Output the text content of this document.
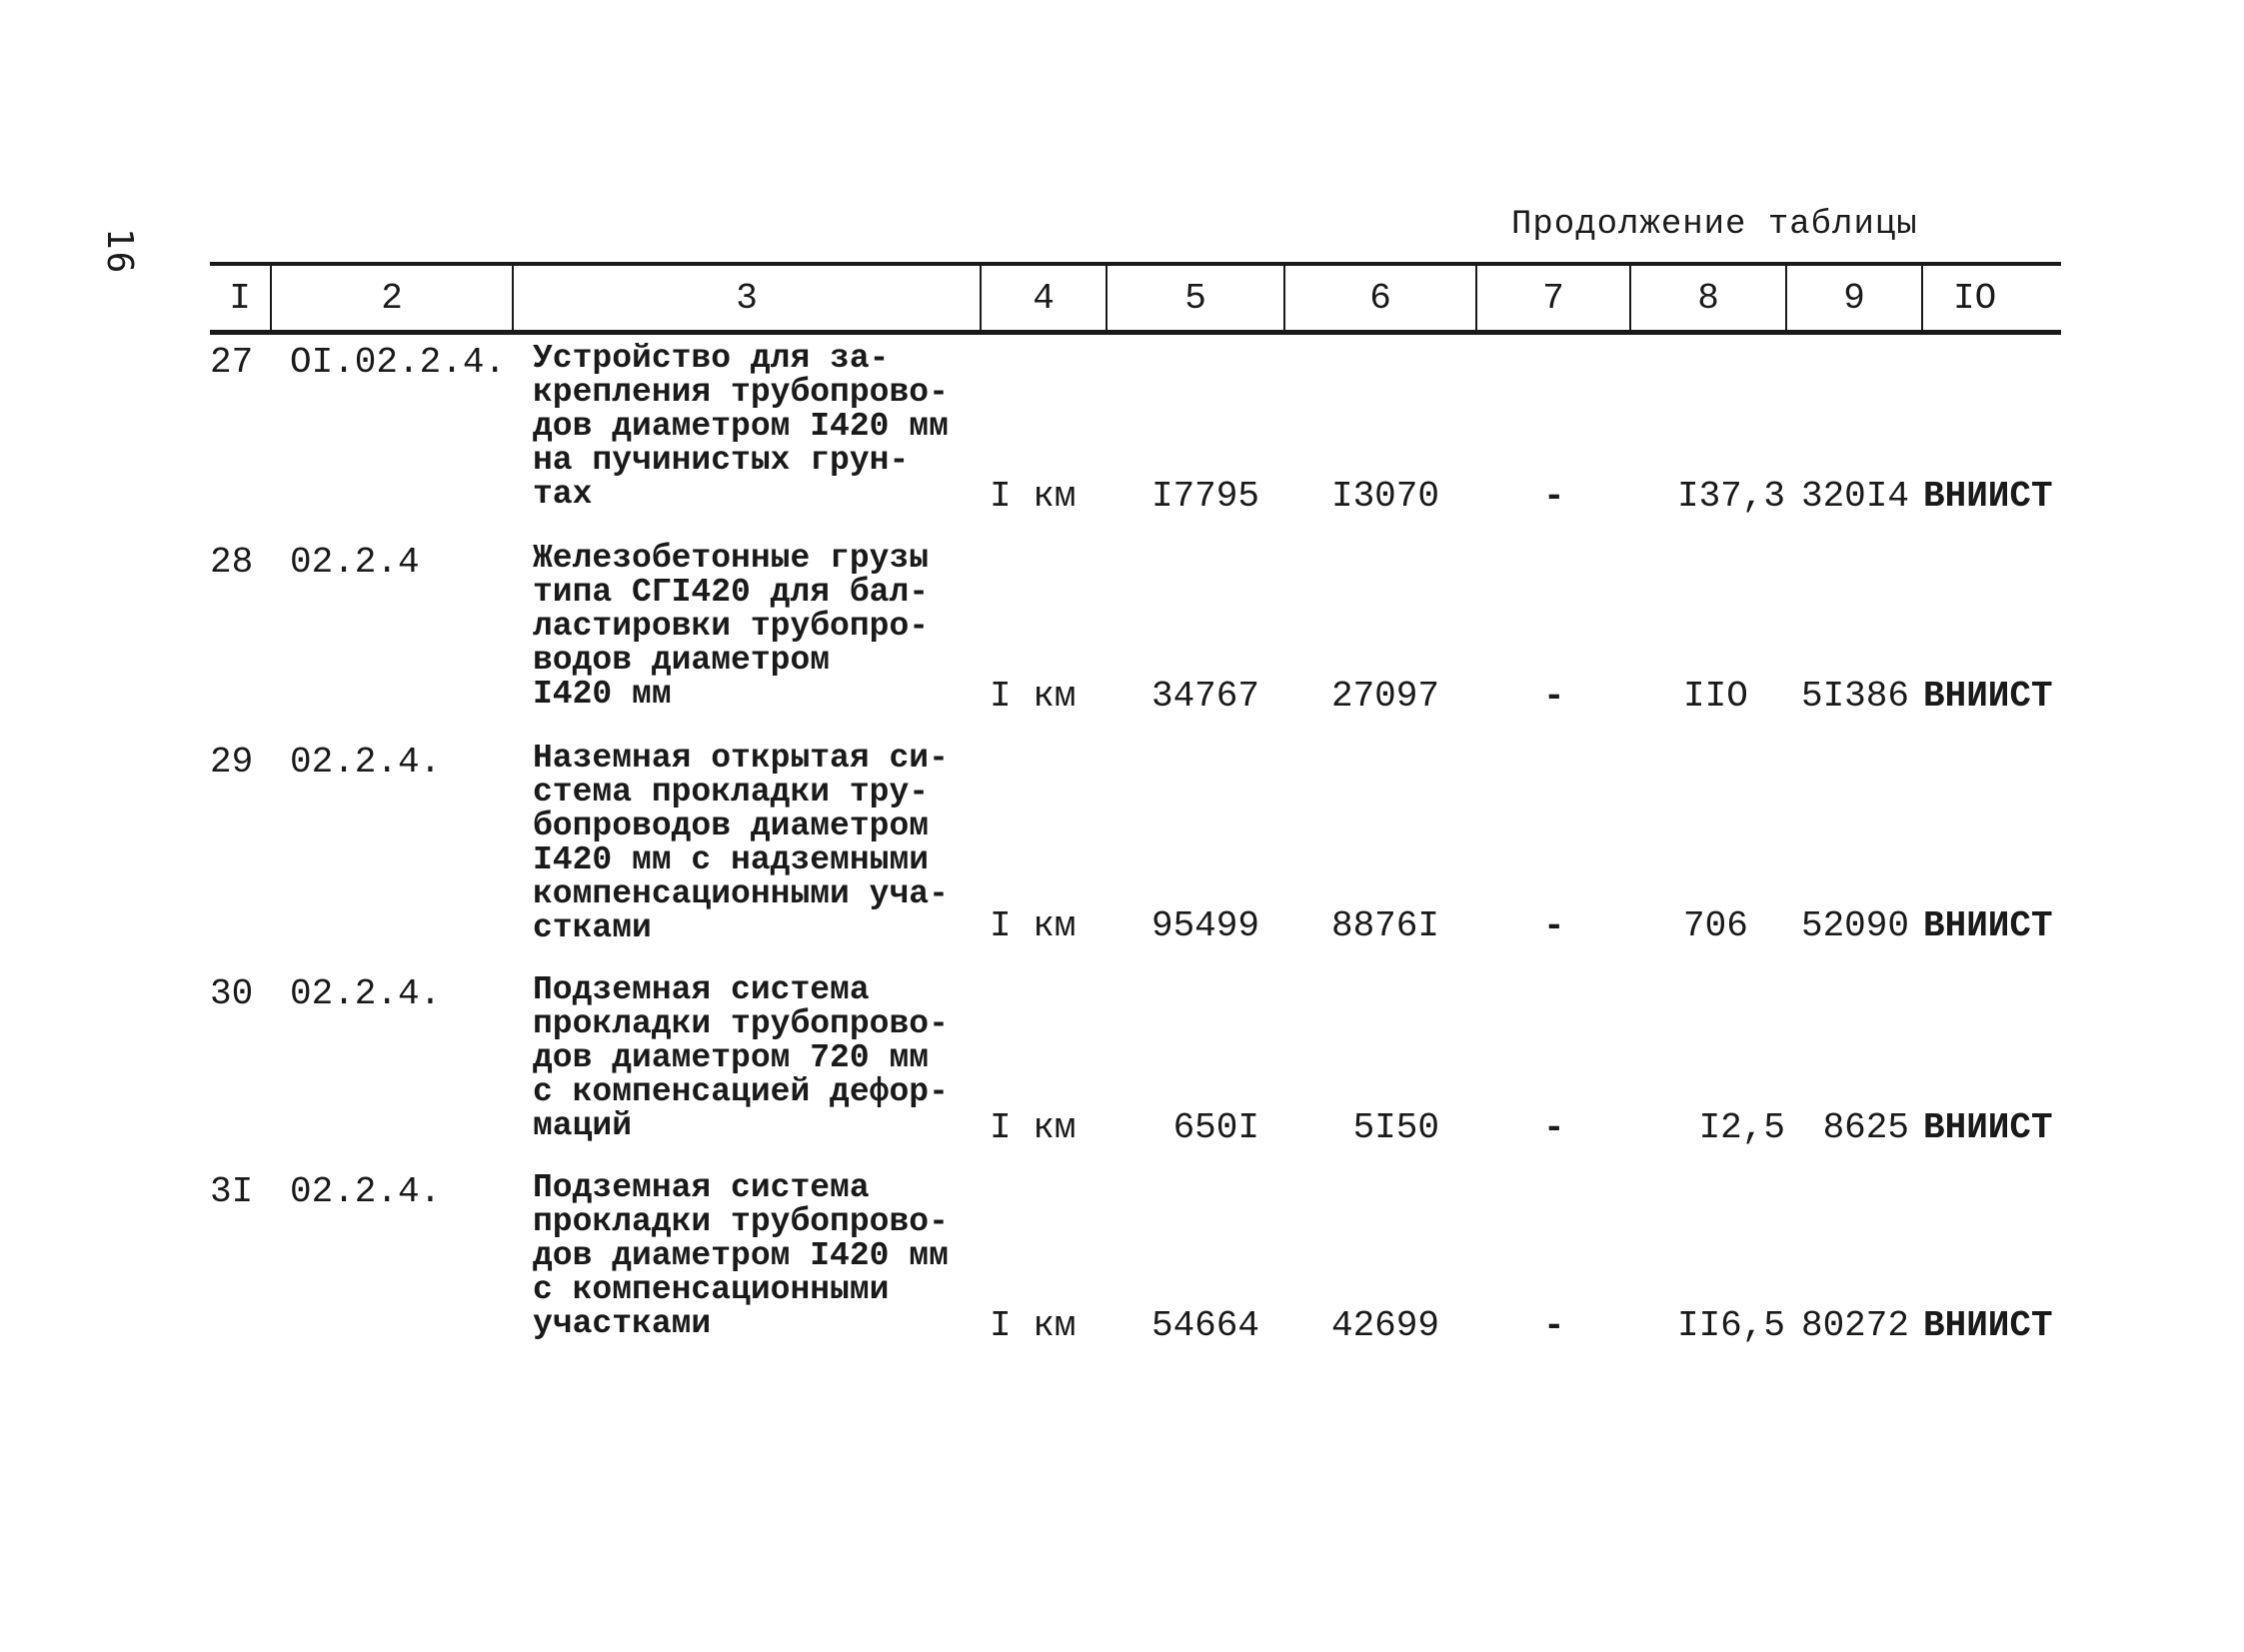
16
Продолжение таблицы
I	2	3	4	5	6	7	8	9	IO
27 OI.02.2.4. Устройство для за-
крепления трубопрово-
дов диаметром I420 мм
на пучинистых грун-
тах	I км	I7795	I3070	-	I37,3 320I4 ВНИИСТ
28 02.2.4	Железобетонные грузы
типа СГI420 для бал-
ластировки трубопро-
водов диаметром
I420 мм	I км	34767	27097	-	IIO	5I386 ВНИИСТ
29 02.2.4.	Наземная открытая си-
стема прокладки тру-
бопроводов диаметром
I420 мм с надземными
компенсационными уча-
стками	I км	95499	8876I	-	706	52090 ВНИИСТ
30 02.2.4.	Подземная система
прокладки трубопрово-
дов диаметром 720 мм
с компенсацией дефор-
маций	I км	650I	5I50	-	I2,5	8625 ВНИИСТ
3I 02.2.4.	Подземная система
прокладки трубопрово-
дов диаметром I420 мм
с компенсационными
участками	I км	54664	42699	-	II6,5 80272 ВНИИСТ
